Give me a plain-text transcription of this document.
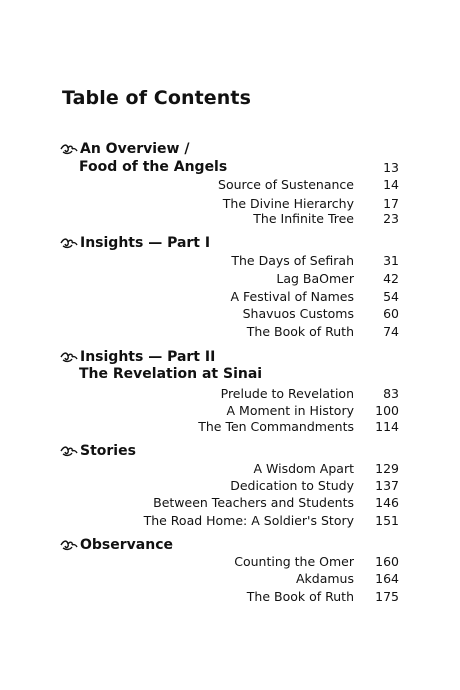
Table of Contents
An Overview /
Food of the Angels	13
Source of Sustenance	14
The Divine Hierarchy	17
The Infinite Tree	23
Insights — Part I
The Days of Sefirah	31
Lag BaOmer	42
A Festival of Names	54
Shavuos Customs	60
The Book of Ruth	74
Insights — Part II
The Revelation at Sinai
Prelude to Revelation	83
A Moment in History	100
The Ten Commandments	114
Stories
A Wisdom Apart	129
Dedication to Study	137
Between Teachers and Students	146
The Road Home: A Soldier's Story	151
Observance
Counting the Omer	160
Akdamus	164
The Book of Ruth	175
